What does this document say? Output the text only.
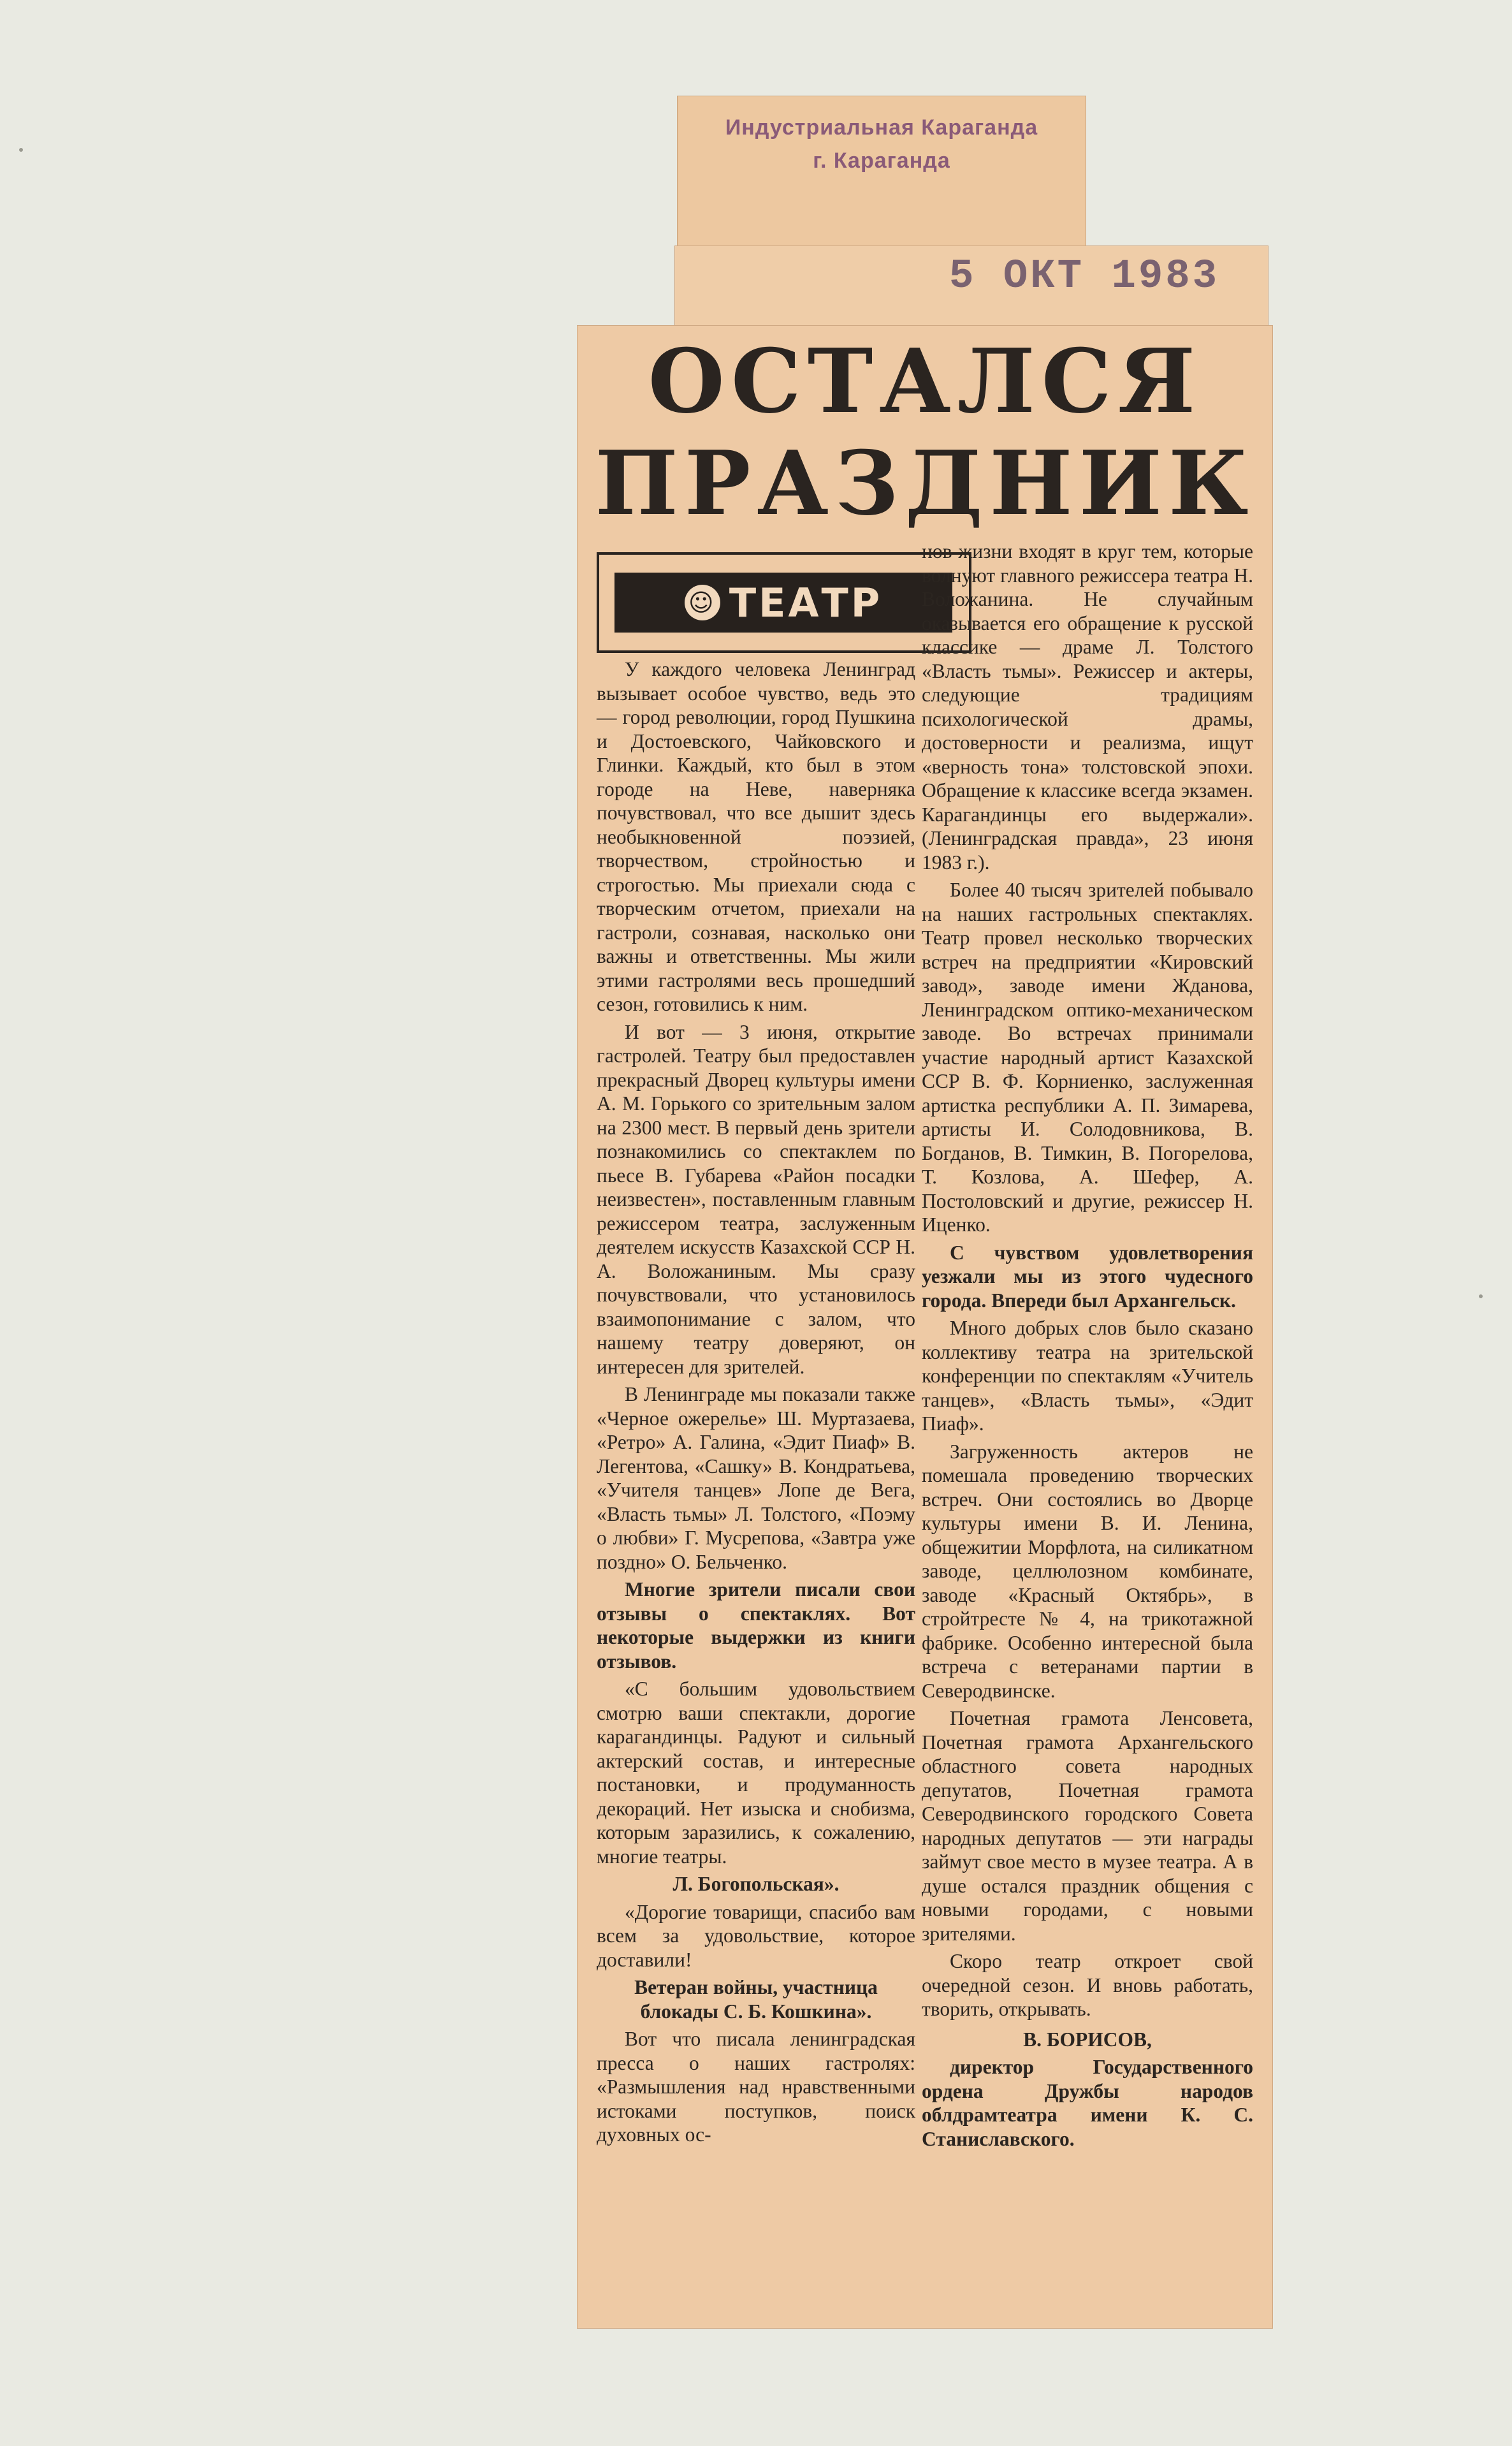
Индустриальная Караганда
г. Караганда
5 ОКТ 1983
ОСТАЛСЯ
ПРАЗДНИК
☺ ТЕАТР

У каждого человека Ленинград вызывает особое чувство, ведь это — город революции, город Пушкина и Достоевского, Чайковского и Глинки. Каждый, кто был в этом городе на Неве, наверняка почувствовал, что все дышит здесь необыкновенной поэзией, творчеством, стройностью и строгостью. Мы приехали сюда с творческим отчетом, приехали на гастроли, сознавая, насколько они важны и ответственны. Мы жили этими гастролями весь прошедший сезон, готовились к ним.

И вот — 3 июня, открытие гастролей. Театру был предоставлен прекрасный Дворец культуры имени А. М. Горького со зрительным залом на 2300 мест. В первый день зрители познакомились со спектаклем по пьесе В. Губарева «Район посадки неизвестен», поставленным главным режиссером театра, заслуженным деятелем искусств Казахской ССР Н. А. Воложаниным. Мы сразу почувствовали, что установилось взаимопонимание с залом, что нашему театру доверяют, он интересен для зрителей.

В Ленинграде мы показали также «Черное ожерелье» Ш. Муртазаева, «Ретро» А. Галина, «Эдит Пиаф» В. Легентова, «Сашку» В. Кондратьева, «Учителя танцев» Лопе де Вега, «Власть тьмы» Л. Толстого, «Поэму о любви» Г. Мусрепова, «Завтра уже поздно» О. Бельченко.

Многие зрители писали свои отзывы о спектаклях. Вот некоторые выдержки из книги отзывов.

«С большим удовольствием смотрю ваши спектакли, дорогие карагандинцы. Радуют и сильный актерский состав, и интересные постановки, и продуманность декораций. Нет изыска и снобизма, которым заразились, к сожалению, многие театры.

Л. Богопольская».

«Дорогие товарищи, спасибо вам всем за удовольствие, которое доставили!

Ветеран войны, участница блокады С. Б. Кошкина».

Вот что писала ленинградская пресса о наших гастролях: «Размышления над нравственными истоками поступков, поиск духовных ос-

нов жизни входят в круг тем, которые волнуют главного режиссера театра Н. Воложанина. Не случайным оказывается его обращение к русской классике — драме Л. Толстого «Власть тьмы». Режиссер и актеры, следующие традициям психологической драмы, достоверности и реализма, ищут «верность тона» толстовской эпохи. Обращение к классике всегда экзамен. Карагандинцы его выдержали». (Ленинградская правда», 23 июня 1983 г.).

Более 40 тысяч зрителей побывало на наших гастрольных спектаклях. Театр провел несколько творческих встреч на предприятии «Кировский завод», заводе имени Жданова, Ленинградском оптико-механическом заводе. Во встречах принимали участие народный артист Казахской ССР В. Ф. Корниенко, заслуженная артистка республики А. П. Зимарева, артисты И. Солодовникова, В. Богданов, В. Тимкин, В. Погорелова, Т. Козлова, А. Шефер, А. Постоловский и другие, режиссер Н. Иценко.

С чувством удовлетворения уезжали мы из этого чудесного города. Впереди был Архангельск.

Много добрых слов было сказано коллективу театра на зрительской конференции по спектаклям «Учитель танцев», «Власть тьмы», «Эдит Пиаф».

Загруженность актеров не помешала проведению творческих встреч. Они состоялись во Дворце культуры имени В. И. Ленина, общежитии Морфлота, на силикатном заводе, целлюлозном комбинате, заводе «Красный Октябрь», в стройтресте № 4, на трикотажной фабрике. Особенно интересной была встреча с ветеранами партии в Северодвинске.

Почетная грамота Ленсовета, Почетная грамота Архангельского областного совета народных депутатов, Почетная грамота Северодвинского городского Совета народных депутатов — эти награды займут свое место в музее театра. А в душе остался праздник общения с новыми городами, с новыми зрителями.

Скоро театр откроет свой очередной сезон. И вновь работать, творить, открывать.

В. БОРИСОВ,

директор Государственного ордена Дружбы народов облдрамтеатра имени К. С. Станиславского.
